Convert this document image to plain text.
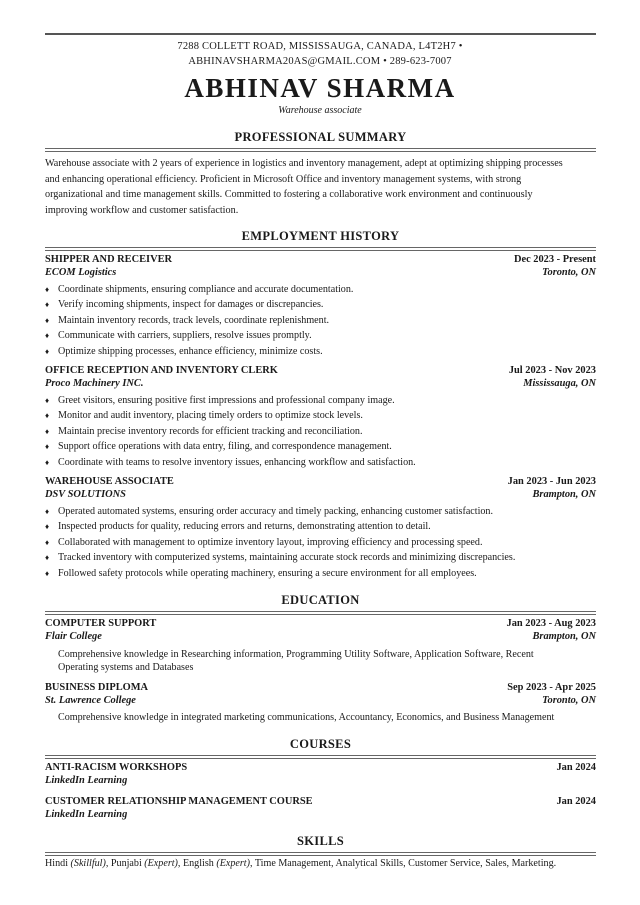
7288 COLLETT ROAD, MISSISSAUGA, CANADA, L4T2H7 •
ABHINAVSHARMA20AS@GMAIL.COM • 289-623-7007
ABHINAV SHARMA
Warehouse associate
PROFESSIONAL SUMMARY
Warehouse associate with 2 years of experience in logistics and inventory management, adept at optimizing shipping processes
and enhancing operational efficiency. Proficient in Microsoft Office and inventory management systems, with strong
organizational and time management skills. Committed to fostering a collaborative work environment and continuously
improving workflow and customer satisfaction.
EMPLOYMENT HISTORY
SHIPPER AND RECEIVER	Dec 2023 - Present
ECOM Logistics	Toronto, ON
♦ Coordinate shipments, ensuring compliance and accurate documentation.
♦ Verify incoming shipments, inspect for damages or discrepancies.
♦ Maintain inventory records, track levels, coordinate replenishment.
♦ Communicate with carriers, suppliers, resolve issues promptly.
♦ Optimize shipping processes, enhance efficiency, minimize costs.
OFFICE RECEPTION AND INVENTORY CLERK	Jul 2023 - Nov 2023
Proco Machinery INC.	Mississauga, ON
♦ Greet visitors, ensuring positive first impressions and professional company image.
♦ Monitor and audit inventory, placing timely orders to optimize stock levels.
♦ Maintain precise inventory records for efficient tracking and reconciliation.
♦ Support office operations with data entry, filing, and correspondence management.
♦ Coordinate with teams to resolve inventory issues, enhancing workflow and satisfaction.
WAREHOUSE ASSOCIATE	Jan 2023 - Jun 2023
DSV SOLUTIONS	Brampton, ON
♦ Operated automated systems, ensuring order accuracy and timely packing, enhancing customer satisfaction.
♦ Inspected products for quality, reducing errors and returns, demonstrating attention to detail.
♦ Collaborated with management to optimize inventory layout, improving efficiency and processing speed.
♦ Tracked inventory with computerized systems, maintaining accurate stock records and minimizing discrepancies.
♦ Followed safety protocols while operating machinery, ensuring a secure environment for all employees.
EDUCATION
COMPUTER SUPPORT	Jan 2023 - Aug 2023
Flair College	Brampton, ON
Comprehensive knowledge in Researching information, Programming Utility Software, Application Software, Recent
Operating systems and Databases
BUSINESS DIPLOMA	Sep 2023 - Apr 2025
St. Lawrence College	Toronto, ON
Comprehensive knowledge in integrated marketing communications, Accountancy, Economics, and Business Management
COURSES
ANTI-RACISM WORKSHOPS	Jan 2024
LinkedIn Learning
CUSTOMER RELATIONSHIP MANAGEMENT COURSE	Jan 2024
LinkedIn Learning
SKILLS
Hindi (Skillful), Punjabi (Expert), English (Expert), Time Management, Analytical Skills, Customer Service, Sales, Marketing.
